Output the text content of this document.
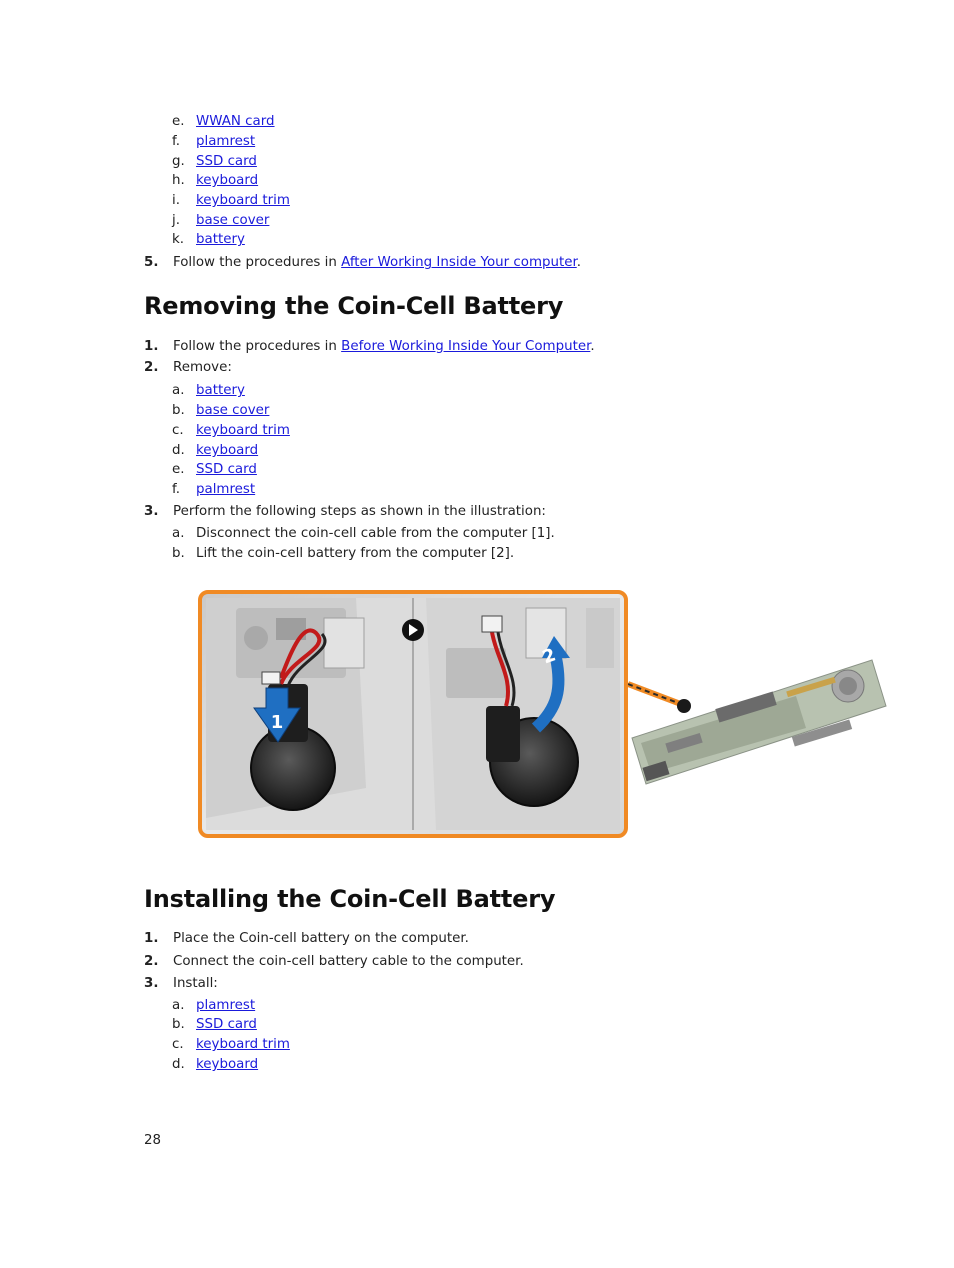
e. WWAN card
f. plamrest
g. SSD card
h. keyboard
i. keyboard trim
j. base cover
k. battery
5. Follow the procedures in After Working Inside Your computer.
Removing the Coin-Cell Battery
1. Follow the procedures in Before Working Inside Your Computer.
2. Remove:
a. battery
b. base cover
c. keyboard trim
d. keyboard
e. SSD card
f. palmrest
3. Perform the following steps as shown in the illustration:
a. Disconnect the coin-cell cable from the computer [1].
b. Lift the coin-cell battery from the computer [2].
1
2
Installing the Coin-Cell Battery
1. Place the Coin-cell battery on the computer.
2. Connect the coin-cell battery cable to the computer.
3. Install:
a. plamrest
b. SSD card
c. keyboard trim
d. keyboard
28
